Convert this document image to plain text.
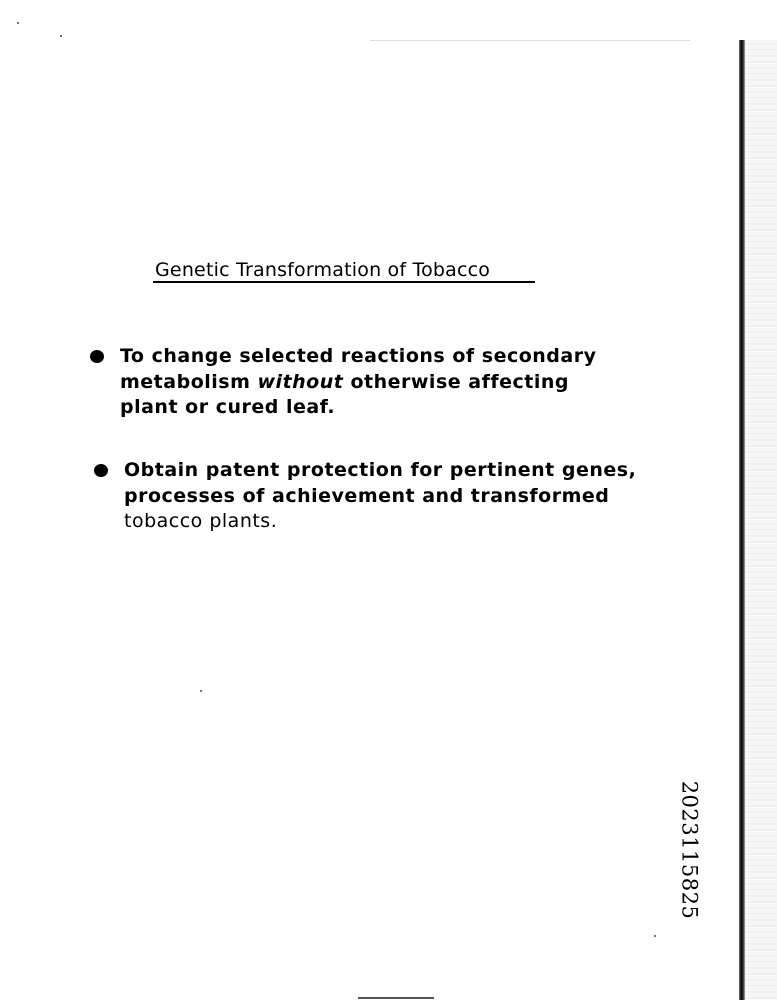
Genetic Transformation of Tobacco
To change selected reactions of secondary
metabolism without otherwise affecting
plant or cured leaf.
Obtain patent protection for pertinent genes,
processes of achievement and transformed
tobacco plants.
2023115825
